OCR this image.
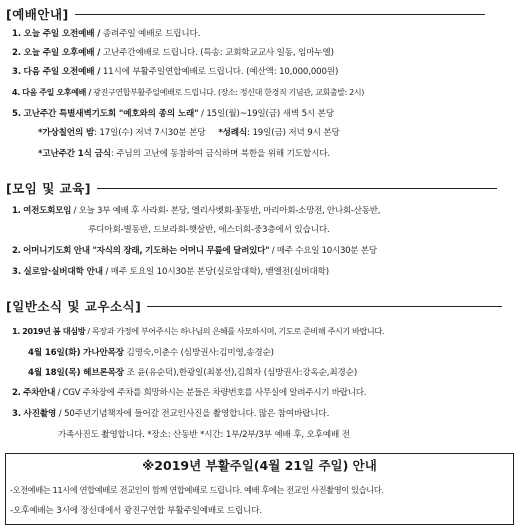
[예배안내]
1. 오늘 주일 오전예배 / 종려주일 예배로 드립니다.
2. 오늘 주일 오후예배 / 고난주간예배로 드립니다. (특송: 교회학교교사 일동, 임마누엘)
3. 다음 주일 오전예배 / 11시에 부활주일연합예배로 드립니다. (예산액: 10,000,000원)
4. 다음 주일 오후예배 / 광진구연합부활주일예배로 드립니다. (장소: 정신대 한경직 기념관, 교회출발: 2시)
5. 고난주간 특별새벽기도회 "예호와의 종의 노래" / 15일(월)~19일(금) 새벽 5시 본당
*가상칠언의 밤: 17일(수) 저녁 7시30분 본당 *성례식: 19일(금) 저녁 9시 본당
*고난주간 1식 금식: 주님의 고난에 동참하여 금식하며 북한을 위해 기도합시다.
[모임 및 교육]
1. 여전도회모임 / 오늘 3부 예배 후 사라회- 본당, 엘리사벳회-꽃동반, 마리아회-소망전, 안나회-산동반,
루디아회-별동반, 드보라회-햇살반, 에스더회-중3층에서 있습니다.
2. 어머니기도회 안내 "자식의 장래, 기도하는 어머니 무릎에 달려있다" / 매주 수요일 10시30분 본당
3. 실로암·실버대학 안내 / 매주 토요일 10시30분 본당(실로암대학), 벧엘전(실버대학)
[일반소식 및 교우소식]
1. 2019년 봄 대심방 / 목장과 가정에 부어주시는 하나님의 은혜를 사모하시며, 기도로 준비해 주시기 바랍니다.
4월 16일(화) 가나안목장 김명숙,이춘수 (심방권사:김미영,송경순)
4월 18일(목) 헤브론목장 조 윤(유순덕),한광일(최봉선),김희자 (심방권사:강옥순,최경순)
2. 주차안내 / CGV 주차장에 주차를 희망하시는 분들은 차량번호를 사무실에 알려주시기 바랍니다.
3. 사진촬영 / 50주년기념책자에 들어갈 전교인사진을 촬영합니다. 많은 참여바랍니다.
가족사진도 촬영합니다. *장소: 산동반 *시간: 1부/2부/3부 예배 후, 오후예배 전
※2019년 부활주일(4월 21일 주일) 안내
-오전예배는 11시에 연합예배로 전교인이 함께 연합예배로 드립니다. 예배 후에는 전교인 사진촬영이 있습니다.
-오후예배는 3시에 장신대에서 광진구연합 부활주일예배로 드립니다.
